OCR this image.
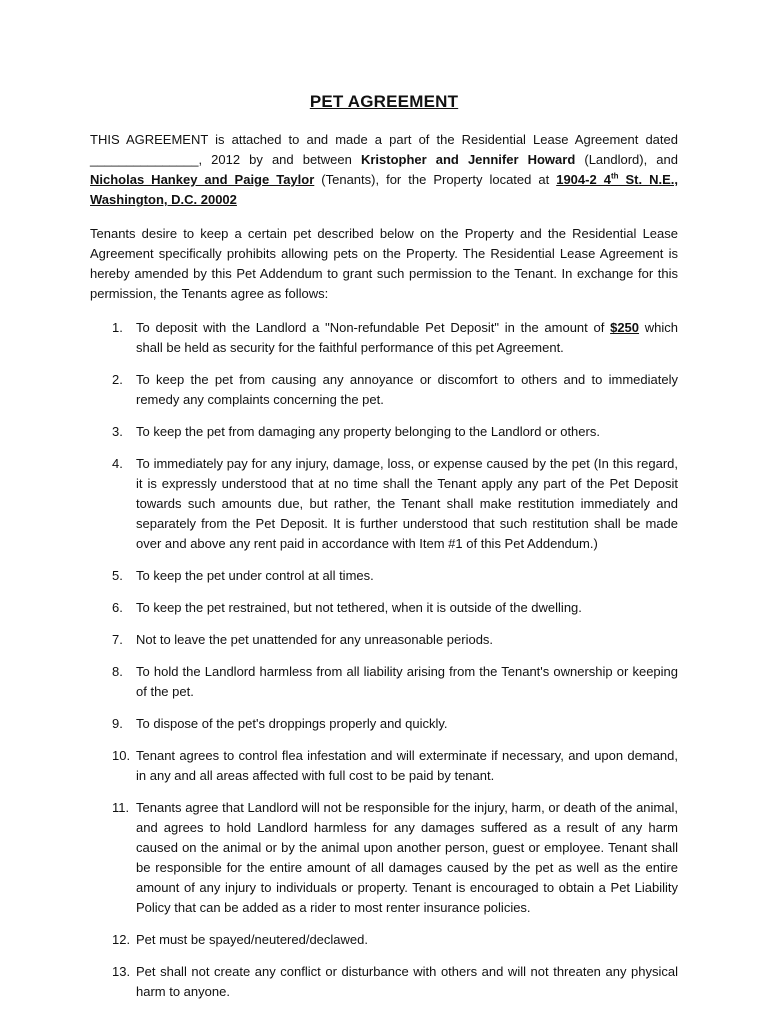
PET AGREEMENT

THIS AGREEMENT is attached to and made a part of the Residential Lease Agreement dated _______________, 2012 by and between Kristopher and Jennifer Howard (Landlord), and Nicholas Hankey and Paige Taylor (Tenants), for the Property located at 1904-2 4th St. N.E., Washington, D.C. 20002

Tenants desire to keep a certain pet described below on the Property and the Residential Lease Agreement specifically prohibits allowing pets on the Property. The Residential Lease Agreement is hereby amended by this Pet Addendum to grant such permission to the Tenant. In exchange for this permission, the Tenants agree as follows:

1. To deposit with the Landlord a "Non-refundable Pet Deposit" in the amount of $250 which shall be held as security for the faithful performance of this pet Agreement.
2. To keep the pet from causing any annoyance or discomfort to others and to immediately remedy any complaints concerning the pet.
3. To keep the pet from damaging any property belonging to the Landlord or others.
4. To immediately pay for any injury, damage, loss, or expense caused by the pet (In this regard, it is expressly understood that at no time shall the Tenant apply any part of the Pet Deposit towards such amounts due, but rather, the Tenant shall make restitution immediately and separately from the Pet Deposit. It is further understood that such restitution shall be made over and above any rent paid in accordance with Item #1 of this Pet Addendum.)
5. To keep the pet under control at all times.
6. To keep the pet restrained, but not tethered, when it is outside of the dwelling.
7. Not to leave the pet unattended for any unreasonable periods.
8. To hold the Landlord harmless from all liability arising from the Tenant's ownership or keeping of the pet.
9. To dispose of the pet's droppings properly and quickly.
10. Tenant agrees to control flea infestation and will exterminate if necessary, and upon demand, in any and all areas affected with full cost to be paid by tenant.
11. Tenants agree that Landlord will not be responsible for the injury, harm, or death of the animal, and agrees to hold Landlord harmless for any damages suffered as a result of any harm caused on the animal or by the animal upon another person, guest or employee. Tenant shall be responsible for the entire amount of all damages caused by the pet as well as the entire amount of any injury to individuals or property. Tenant is encouraged to obtain a Pet Liability Policy that can be added as a rider to most renter insurance policies.
12. Pet must be spayed/neutered/declawed.
13. Pet shall not create any conflict or disturbance with others and will not threaten any physical harm to anyone.
